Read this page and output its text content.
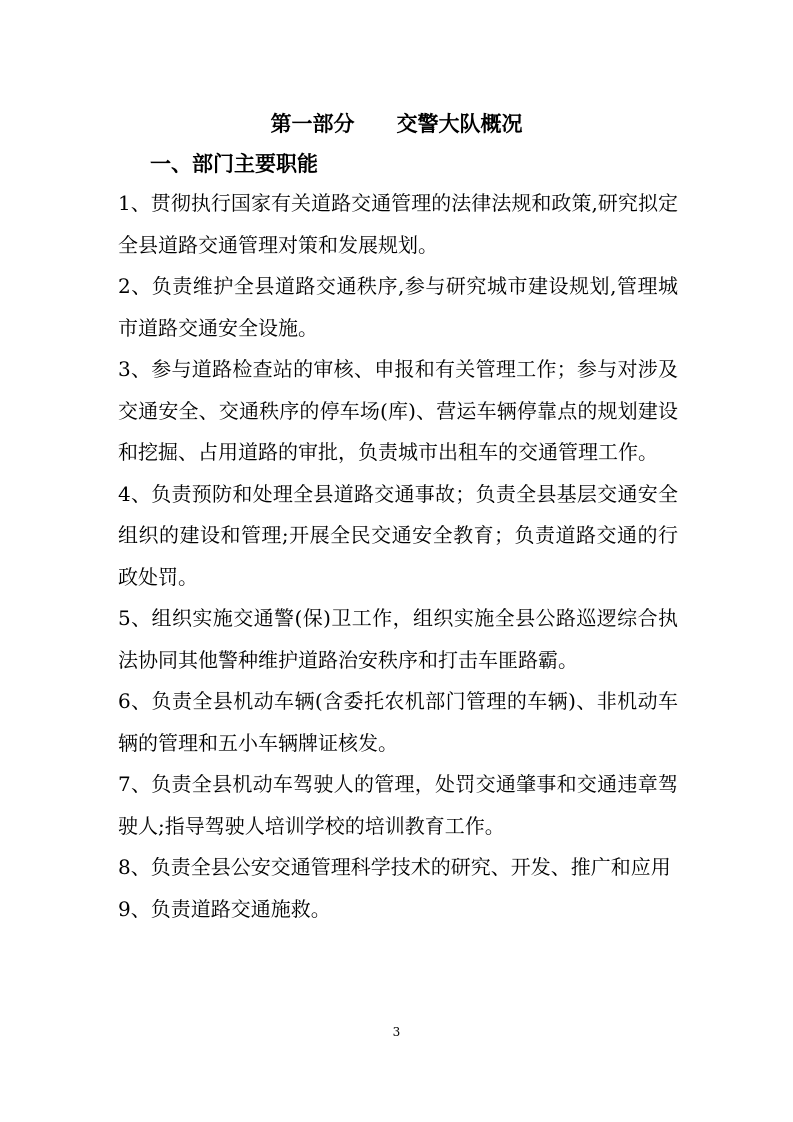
第一部分　　交警大队概况
一、部门主要职能

1、贯彻执行国家有关道路交通管理的法律法规和政策,研究拟定全县道路交通管理对策和发展规划。

2、负责维护全县道路交通秩序,参与研究城市建设规划,管理城市道路交通安全设施。

3、参与道路检查站的审核、申报和有关管理工作；参与对涉及交通安全、交通秩序的停车场(库)、营运车辆停靠点的规划建设和挖掘、占用道路的审批，负责城市出租车的交通管理工作。

4、负责预防和处理全县道路交通事故；负责全县基层交通安全组织的建设和管理;开展全民交通安全教育；负责道路交通的行政处罚。

5、组织实施交通警(保)卫工作，组织实施全县公路巡逻综合执法协同其他警种维护道路治安秩序和打击车匪路霸。

6、负责全县机动车辆(含委托农机部门管理的车辆)、非机动车辆的管理和五小车辆牌证核发。

7、负责全县机动车驾驶人的管理，处罚交通肇事和交通违章驾驶人;指导驾驶人培训学校的培训教育工作。

8、负责全县公安交通管理科学技术的研究、开发、推广和应用

9、负责道路交通施救。

3
